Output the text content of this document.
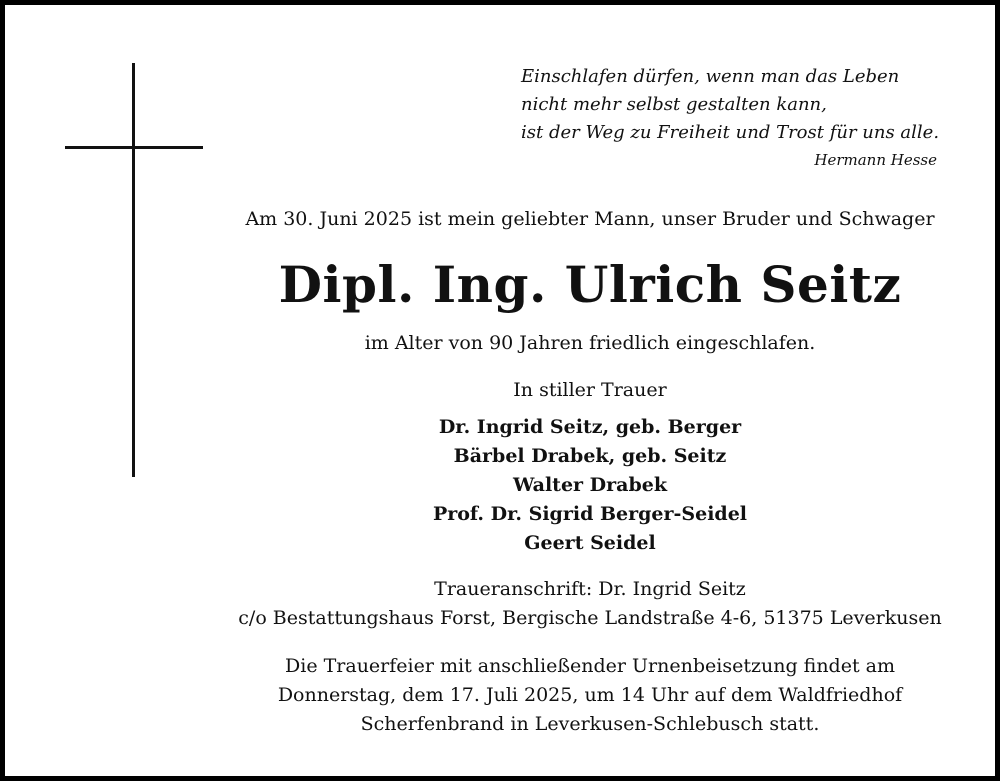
Einschlafen dürfen, wenn man das Leben
nicht mehr selbst gestalten kann,
ist der Weg zu Freiheit und Trost für uns alle.
Hermann Hesse
Am 30. Juni 2025 ist mein geliebter Mann, unser Bruder und Schwager
Dipl. Ing. Ulrich Seitz
im Alter von 90 Jahren friedlich eingeschlafen.
In stiller Trauer
Dr. Ingrid Seitz, geb. Berger
Bärbel Drabek, geb. Seitz
Walter Drabek
Prof. Dr. Sigrid Berger-Seidel
Geert Seidel
Traueranschrift: Dr. Ingrid Seitz
c/o Bestattungshaus Forst, Bergische Landstraße 4-6, 51375 Leverkusen
Die Trauerfeier mit anschließender Urnenbeisetzung findet am
Donnerstag, dem 17. Juli 2025, um 14 Uhr auf dem Waldfriedhof
Scherfenbrand in Leverkusen-Schlebusch statt.
